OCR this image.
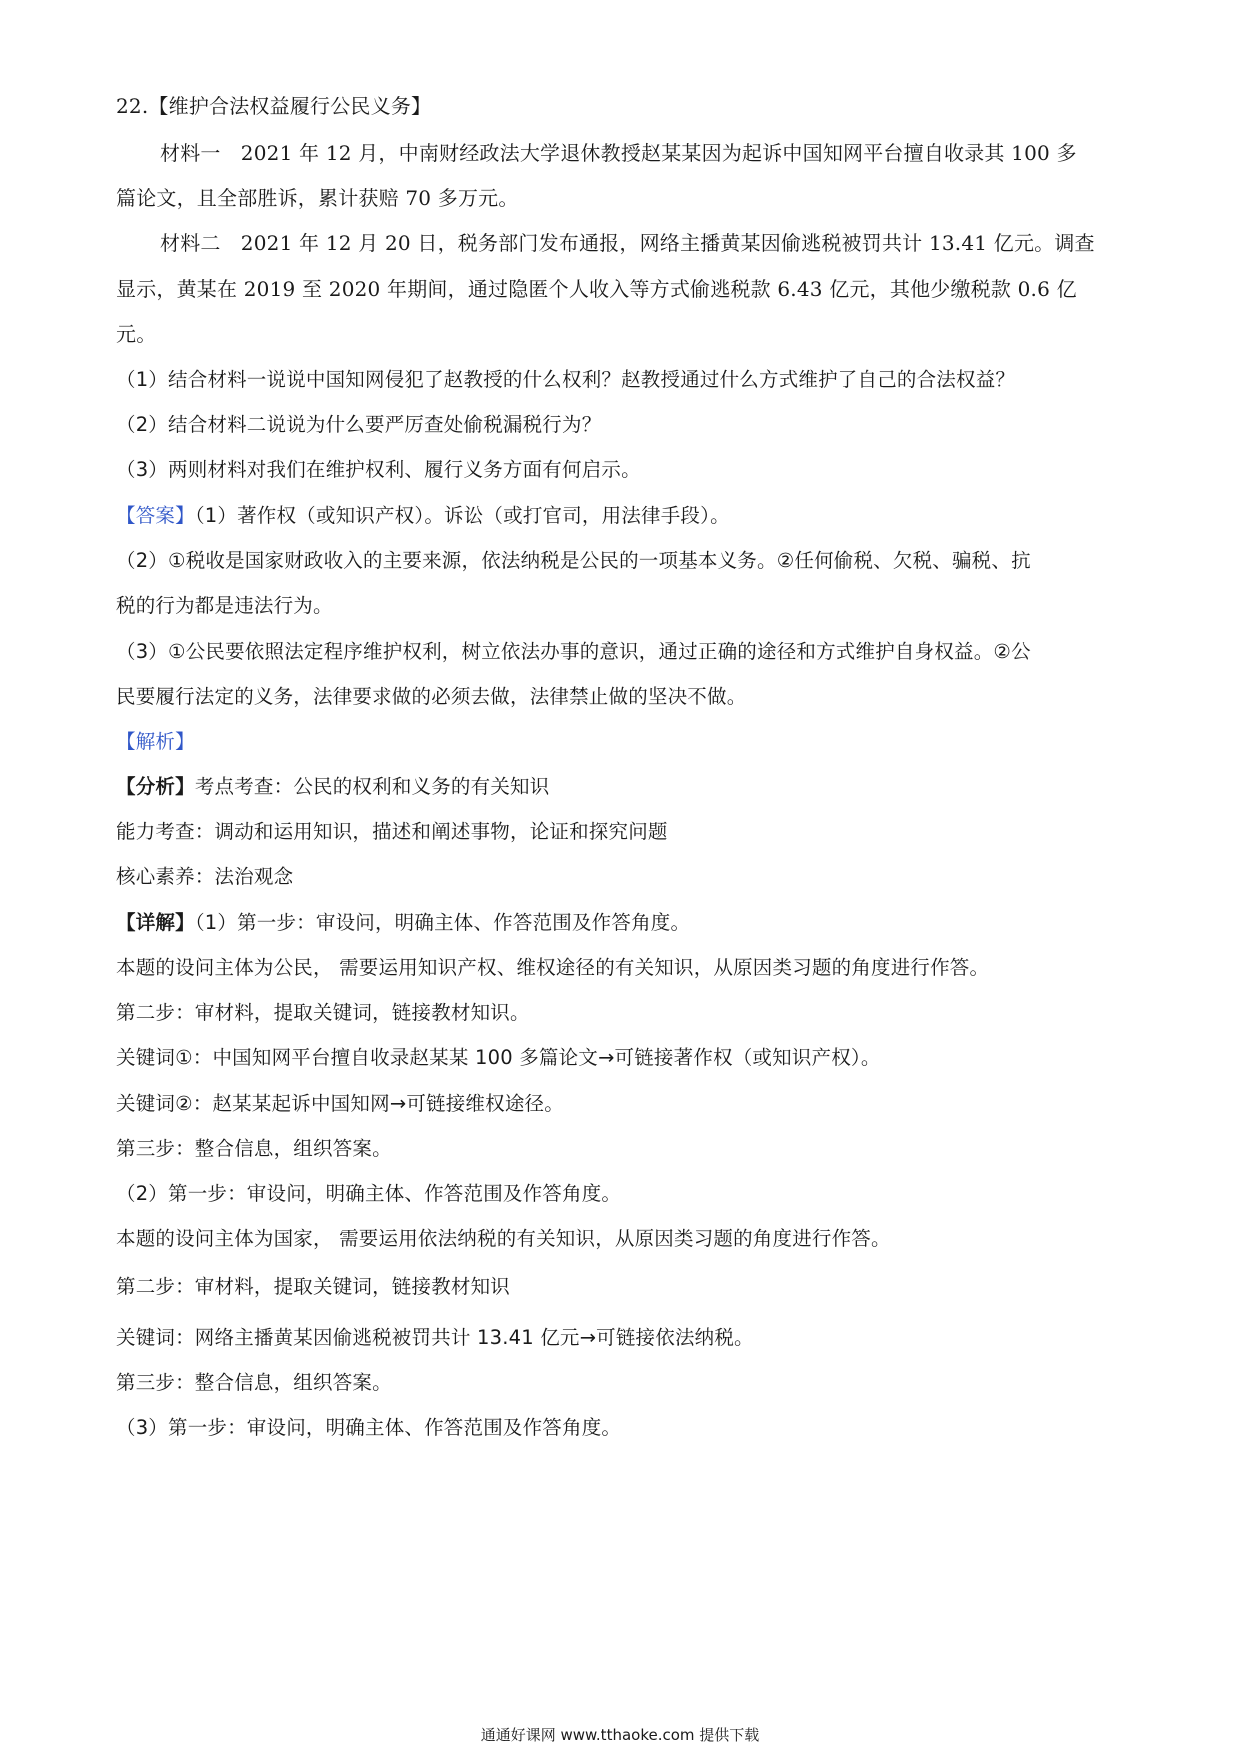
22.【维护合法权益履行公民义务】
材料一　2021 年 12 月，中南财经政法大学退休教授赵某某因为起诉中国知网平台擅自收录其 100 多
篇论文，且全部胜诉，累计获赔 70 多万元。
材料二　2021 年 12 月 20 日，税务部门发布通报，网络主播黄某因偷逃税被罚共计 13.41 亿元。调查
显示，黄某在 2019 至 2020 年期间，通过隐匿个人收入等方式偷逃税款 6.43 亿元，其他少缴税款 0.6 亿
元。
（1）结合材料一说说中国知网侵犯了赵教授的什么权利？赵教授通过什么方式维护了自己的合法权益？
（2）结合材料二说说为什么要严厉查处偷税漏税行为？
（3）两则材料对我们在维护权利、履行义务方面有何启示。
【答案】（1）著作权（或知识产权）。诉讼（或打官司，用法律手段）。
（2）①税收是国家财政收入的主要来源，依法纳税是公民的一项基本义务。②任何偷税、欠税、骗税、抗
税的行为都是违法行为。
（3）①公民要依照法定程序维护权利，树立依法办事的意识，通过正确的途径和方式维护自身权益。②公
民要履行法定的义务，法律要求做的必须去做，法律禁止做的坚决不做。
【解析】
【分析】考点考查：公民的权利和义务的有关知识
能力考查：调动和运用知识，描述和阐述事物，论证和探究问题
核心素养：法治观念
【详解】（1）第一步：审设问，明确主体、作答范围及作答角度。
本题的设问主体为公民， 需要运用知识产权、维权途径的有关知识，从原因类习题的角度进行作答。
第二步：审材料，提取关键词，链接教材知识。
关键词①：中国知网平台擅自收录赵某某 100 多篇论文→可链接著作权（或知识产权）。
关键词②：赵某某起诉中国知网→可链接维权途径。
第三步：整合信息，组织答案。
（2）第一步：审设问，明确主体、作答范围及作答角度。
本题的设问主体为国家， 需要运用依法纳税的有关知识，从原因类习题的角度进行作答。
第二步：审材料，提取关键词，链接教材知识
关键词：网络主播黄某因偷逃税被罚共计 13.41 亿元→可链接依法纳税。
第三步：整合信息，组织答案。
（3）第一步：审设问，明确主体、作答范围及作答角度。
通通好课网 www.tthaoke.com 提供下载
